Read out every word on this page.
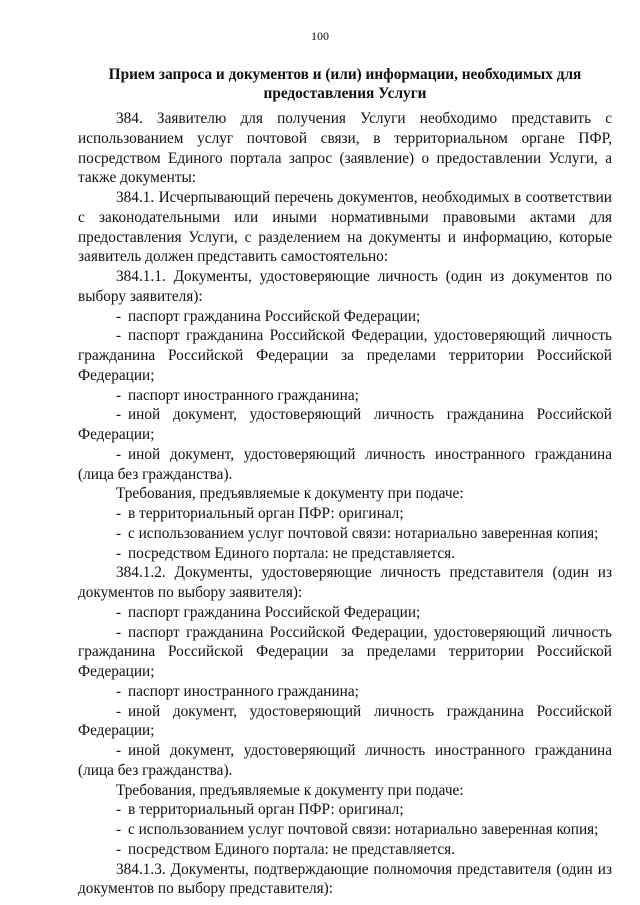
100
Прием запроса и документов и (или) информации, необходимых для предоставления Услуги

384. Заявителю для получения Услуги необходимо представить с использованием услуг почтовой связи, в территориальном органе ПФР, посредством Единого портала запрос (заявление) о предоставлении Услуги, а также документы:

384.1. Исчерпывающий перечень документов, необходимых в соответствии с законодательными или иными нормативными правовыми актами для предоставления Услуги, с разделением на документы и информацию, которые заявитель должен представить самостоятельно:

384.1.1. Документы, удостоверяющие личность (один из документов по выбору заявителя):

- паспорт гражданина Российской Федерации;

- паспорт гражданина Российской Федерации, удостоверяющий личность гражданина Российской Федерации за пределами территории Российской Федерации;

- паспорт иностранного гражданина;

- иной документ, удостоверяющий личность гражданина Российской Федерации;

- иной документ, удостоверяющий личность иностранного гражданина (лица без гражданства).

Требования, предъявляемые к документу при подаче:

- в территориальный орган ПФР: оригинал;

- с использованием услуг почтовой связи: нотариально заверенная копия;

- посредством Единого портала: не представляется.

384.1.2. Документы, удостоверяющие личность представителя (один из документов по выбору заявителя):

- паспорт гражданина Российской Федерации;

- паспорт гражданина Российской Федерации, удостоверяющий личность гражданина Российской Федерации за пределами территории Российской Федерации;

- паспорт иностранного гражданина;

- иной документ, удостоверяющий личность гражданина Российской Федерации;

- иной документ, удостоверяющий личность иностранного гражданина (лица без гражданства).

Требования, предъявляемые к документу при подаче:

- в территориальный орган ПФР: оригинал;

- с использованием услуг почтовой связи: нотариально заверенная копия;

- посредством Единого портала: не представляется.

384.1.3. Документы, подтверждающие полномочия представителя (один из документов по выбору представителя):
